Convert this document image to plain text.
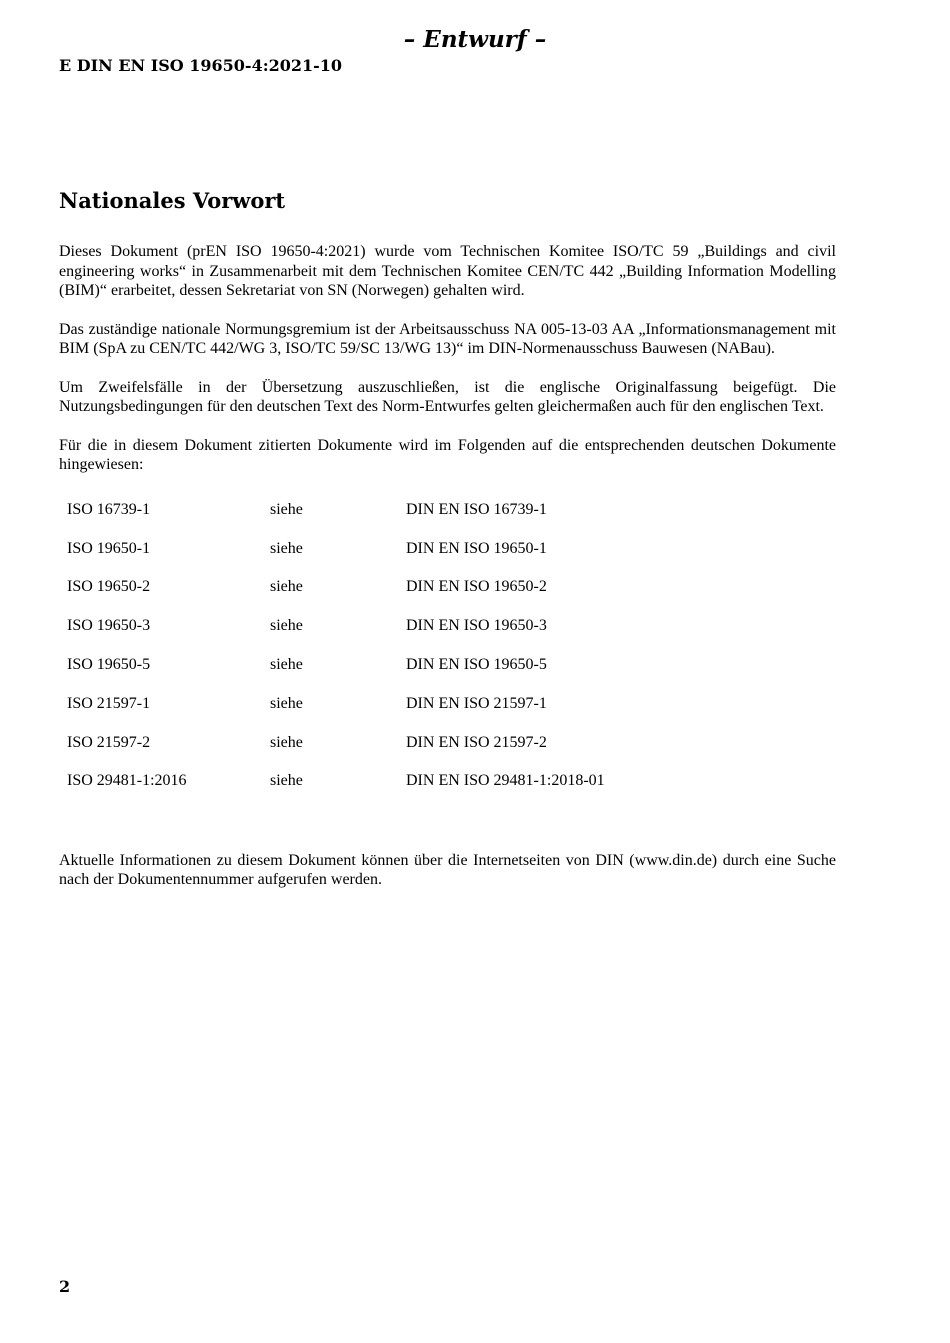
– Entwurf –
E DIN EN ISO 19650-4:2021-10
Nationales Vorwort

Dieses Dokument (prEN ISO 19650-4:2021) wurde vom Technischen Komitee ISO/TC 59 „Buildings and civil engineering works“ in Zusammenarbeit mit dem Technischen Komitee CEN/TC 442 „Building Information Modelling (BIM)“ erarbeitet, dessen Sekretariat von SN (Norwegen) gehalten wird.

Das zuständige nationale Normungsgremium ist der Arbeitsausschuss NA 005-13-03 AA „Informationsmanagement mit BIM (SpA zu CEN/TC 442/WG 3, ISO/TC 59/SC 13/WG 13)“ im DIN-Normenausschuss Bauwesen (NABau).

Um Zweifelsfälle in der Übersetzung auszuschließen, ist die englische Originalfassung beigefügt. Die Nutzungsbedingungen für den deutschen Text des Norm-Entwurfes gelten gleichermaßen auch für den englischen Text.

Für die in diesem Dokument zitierten Dokumente wird im Folgenden auf die entsprechenden deutschen Dokumente hingewiesen:

ISO 16739-1	siehe	DIN EN ISO 16739-1
ISO 19650-1	siehe	DIN EN ISO 19650-1
ISO 19650-2	siehe	DIN EN ISO 19650-2
ISO 19650-3	siehe	DIN EN ISO 19650-3
ISO 19650-5	siehe	DIN EN ISO 19650-5
ISO 21597-1	siehe	DIN EN ISO 21597-1
ISO 21597-2	siehe	DIN EN ISO 21597-2
ISO 29481-1:2016	siehe	DIN EN ISO 29481-1:2018-01

Aktuelle Informationen zu diesem Dokument können über die Internetseiten von DIN (www.din.de) durch eine Suche nach der Dokumentennummer aufgerufen werden.

2
